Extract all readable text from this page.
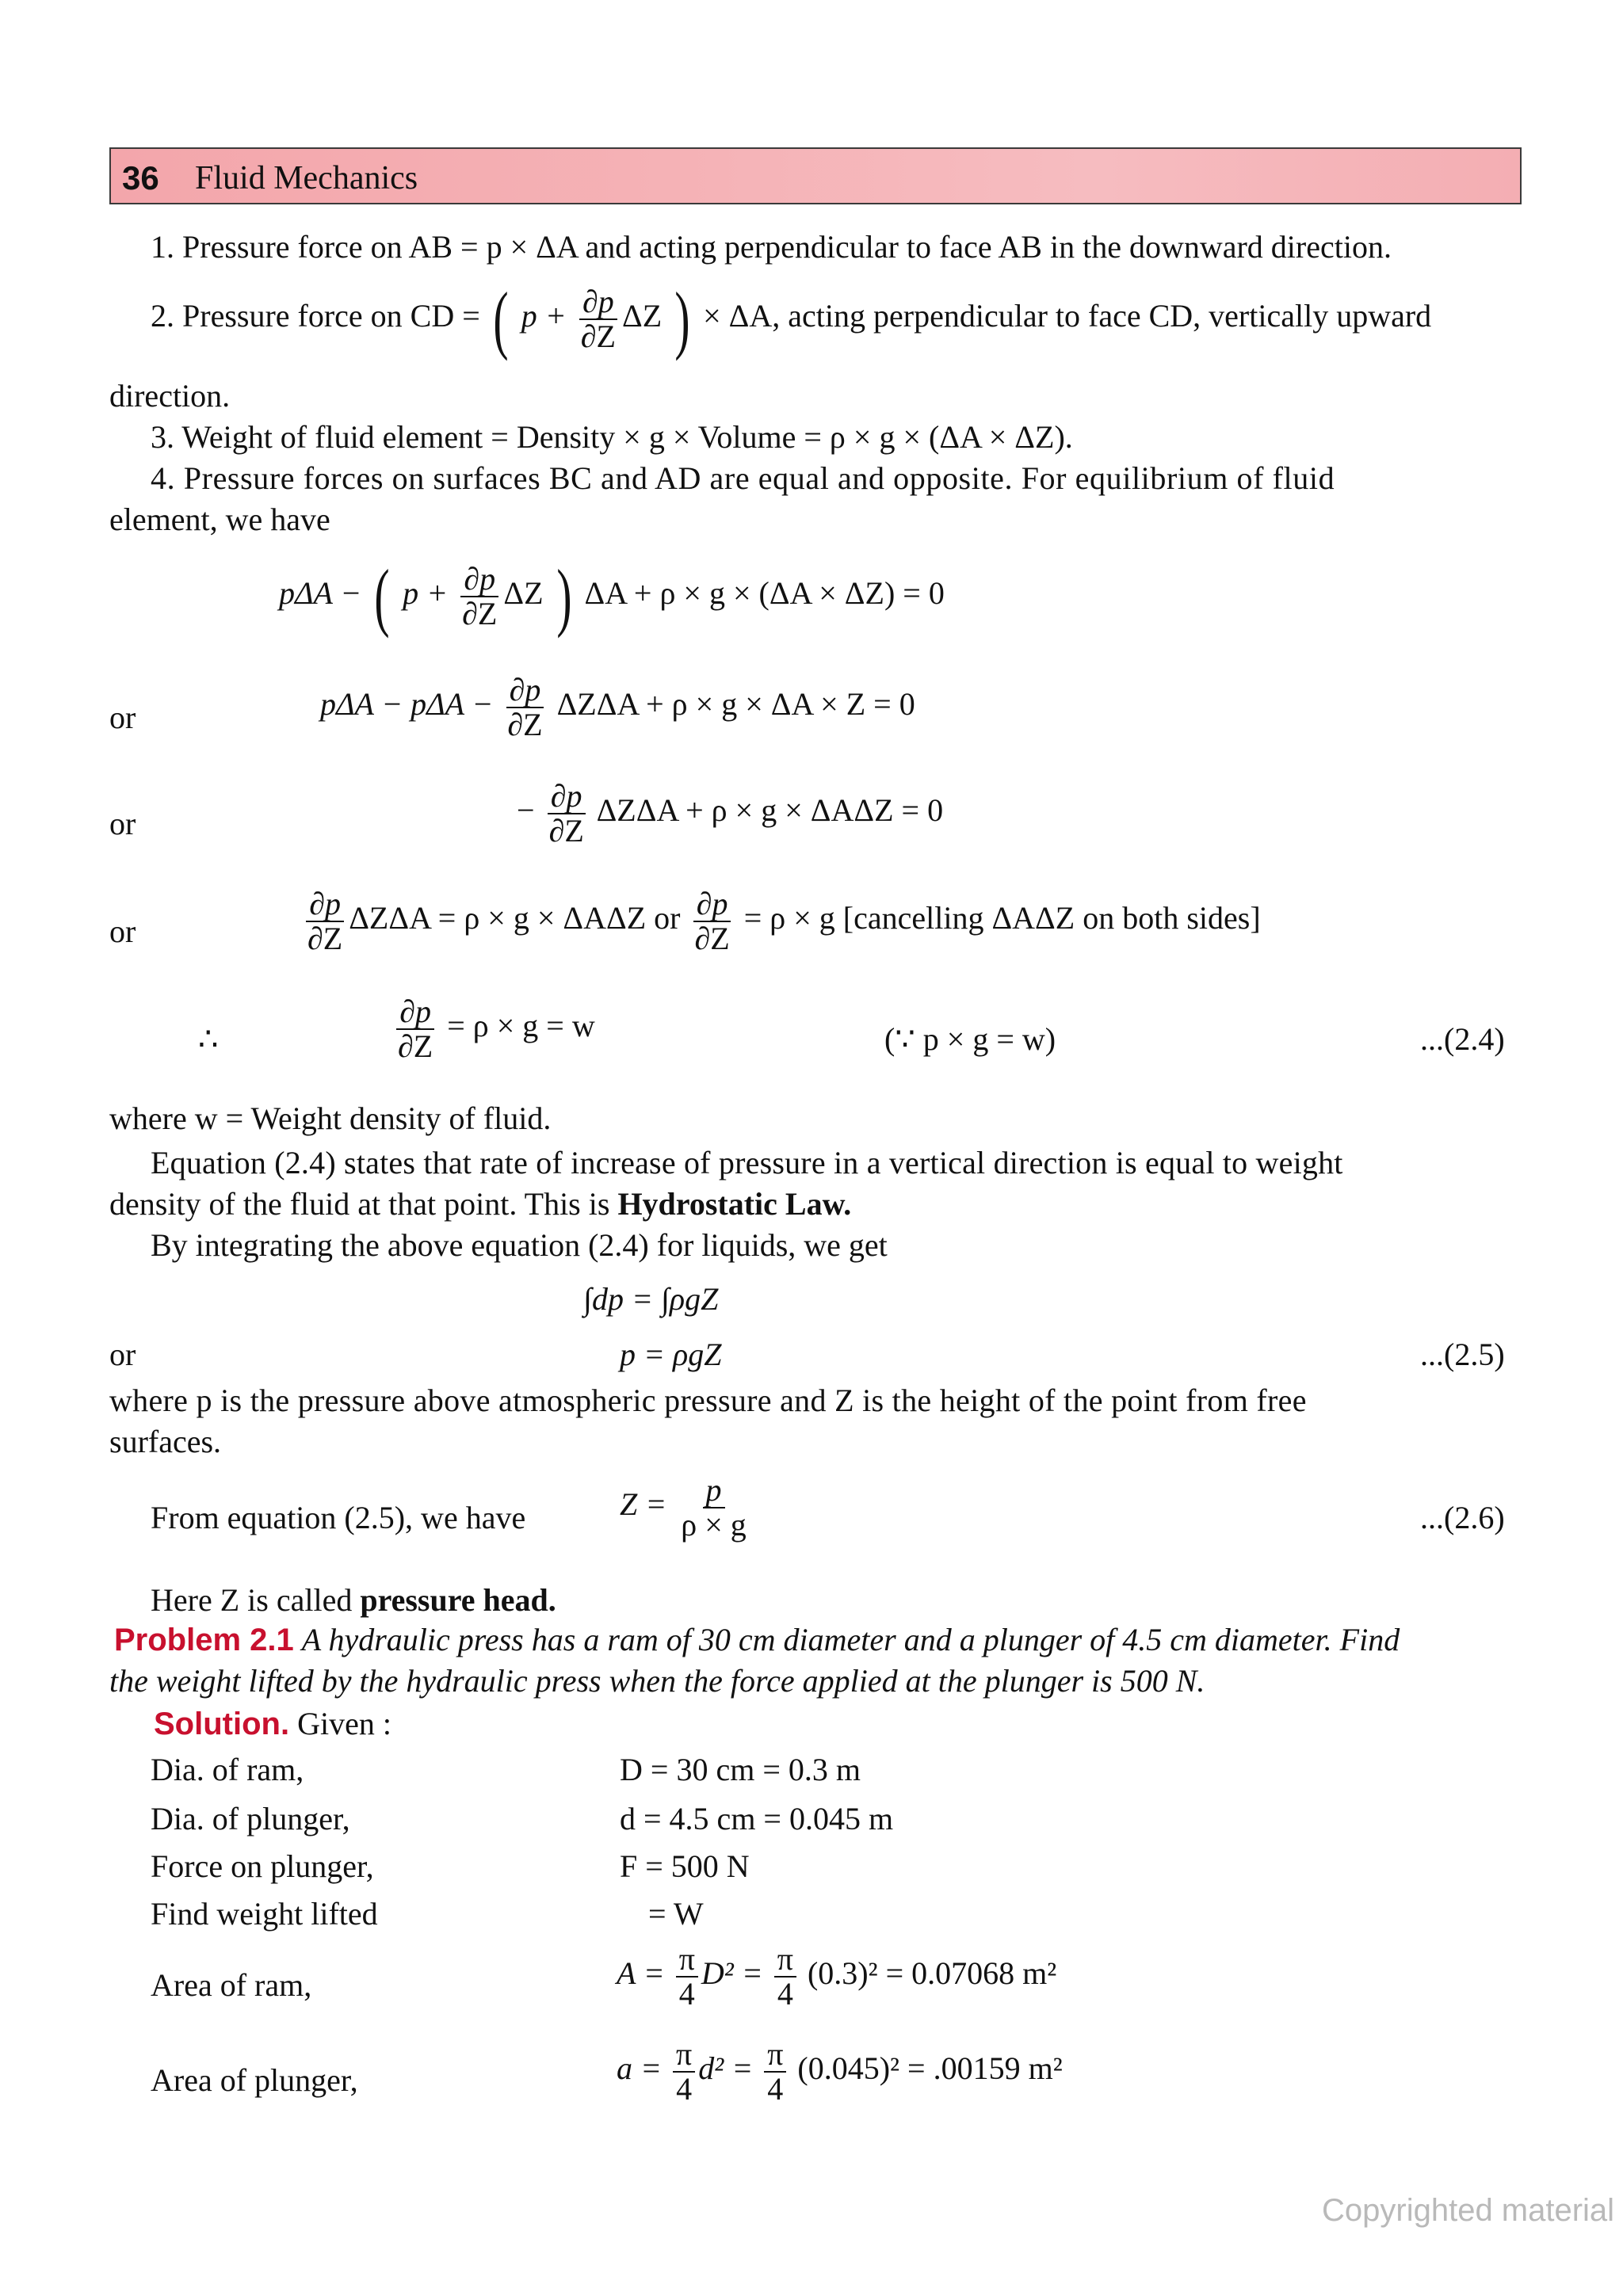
36 Fluid Mechanics
1. Pressure force on AB = p × ΔA and acting perpendicular to face AB in the downward direction.
2. Pressure force on CD = ( $p + \frac{\partial p}{\partial Z}$ ΔZ ) × ΔA, acting perpendicular to face CD, vertically upward
direction.
3. Weight of fluid element = Density × g × Volume = ρ × g × (ΔA × ΔZ).
4. Pressure forces on surfaces BC and AD are equal and opposite. For equilibrium of fluid
element, we have
pΔA − ( $p + \frac{\partial p}{\partial Z}$ ΔZ ) ΔA + ρ × g × (ΔA × ΔZ) = 0
or	$p\Delta A - p\Delta A - \frac{\partial p}{\partial Z}$ ΔZΔA + ρ × g × ΔA × Z = 0
or	− $\frac{\partial p}{\partial Z}$ ΔZΔA + ρ × g × ΔAΔZ = 0
or	$\frac{\partial p}{\partial Z}$ ΔZΔA = ρ × g × ΔAΔZ or $\frac{\partial p}{\partial Z} = \rho \times g$ [cancelling ΔAΔZ on both sides]
∴	$\frac{\partial p}{\partial Z} = \rho \times g = w$	(∵ p × g = w)	...(2.4)
where w = Weight density of fluid.
Equation (2.4) states that rate of increase of pressure in a vertical direction is equal to weight
density of the fluid at that point. This is Hydrostatic Law.
By integrating the above equation (2.4) for liquids, we get
∫dp = ∫ρgZ
or	p = ρgZ	...(2.5)
where p is the pressure above atmospheric pressure and Z is the height of the point from free
surfaces.
From equation (2.5), we have	$Z = \frac{p}{\rho \times g}$	...(2.6)
Here Z is called pressure head.
Problem 2.1 A hydraulic press has a ram of 30 cm diameter and a plunger of 4.5 cm diameter. Find
the weight lifted by the hydraulic press when the force applied at the plunger is 500 N.
Solution. Given :
Dia. of ram,	D = 30 cm = 0.3 m
Dia. of plunger,	d = 4.5 cm = 0.045 m
Force on plunger,	F = 500 N
Find weight lifted	= W
Area of ram,	$A = \frac{\pi}{4} D^2 = \frac{\pi}{4} (0.3)^2 = 0.07068$ m²
Area of plunger,	$a = \frac{\pi}{4} d^2 = \frac{\pi}{4} (0.045)^2 = .00159$ m²
Copyrighted material
